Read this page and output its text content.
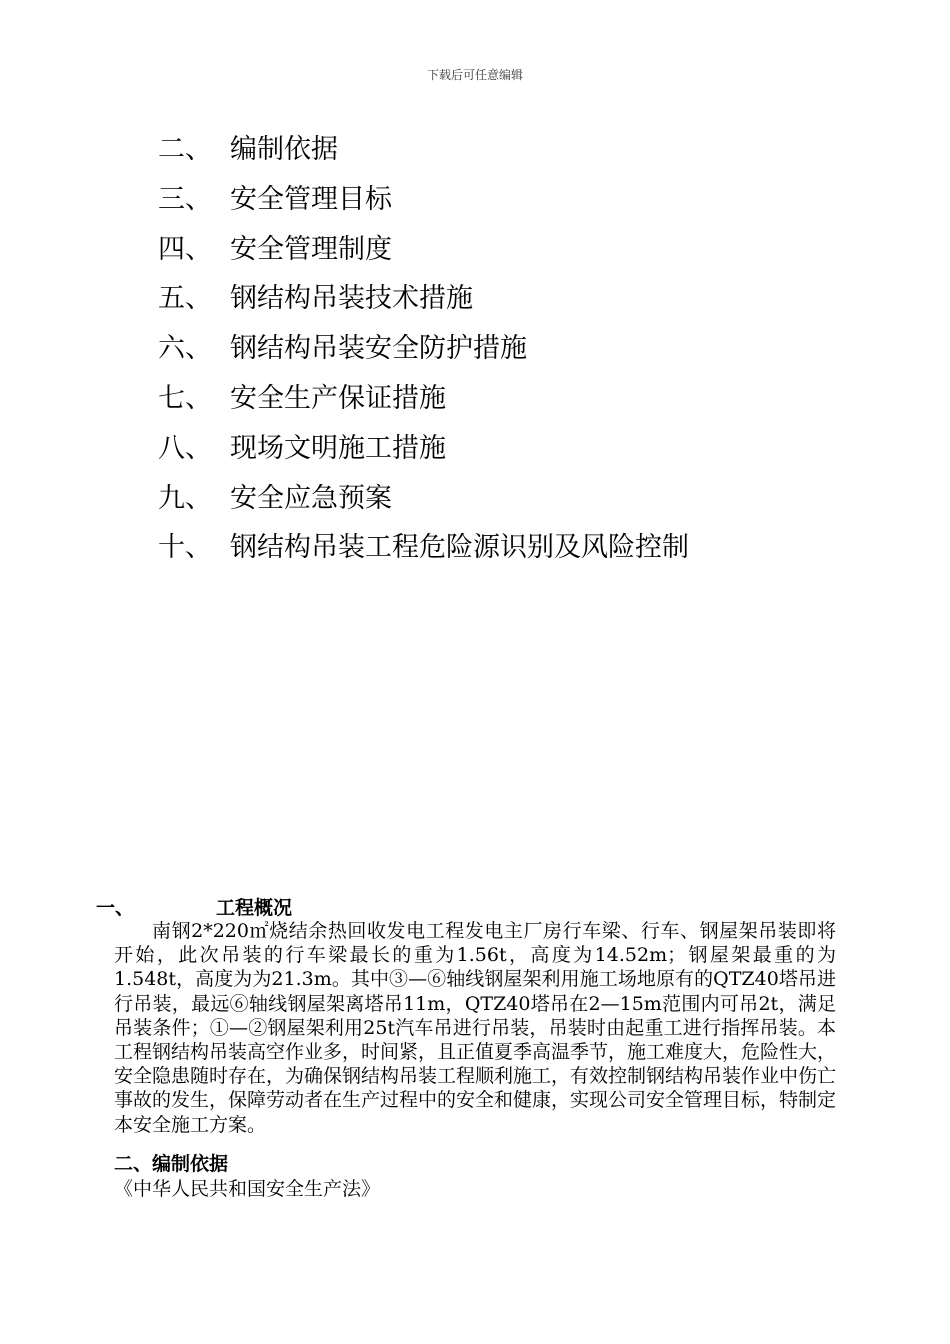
下载后可任意编辑
二、 编制依据
三、 安全管理目标
四、 安全管理制度
五、 钢结构吊装技术措施
六、 钢结构吊装安全防护措施
七、 安全生产保证措施
八、 现场文明施工措施
九、 安全应急预案
十、 钢结构吊装工程危险源识别及风险控制
一、	工程概况
南钢2*220㎡烧结余热回收发电工程发电主厂房行车梁、行车、钢屋架吊装即将开始，此次吊装的行车梁最长的重为1.56t，高度为14.52m；钢屋架最重的为1.548t，高度为为21.3m。其中③—⑥轴线钢屋架利用施工场地原有的QTZ40塔吊进行吊装，最远⑥轴线钢屋架离塔吊11m，QTZ40塔吊在2—15m范围内可吊2t，满足吊装条件；①—②钢屋架利用25t汽车吊进行吊装，吊装时由起重工进行指挥吊装。本工程钢结构吊装高空作业多，时间紧，且正值夏季高温季节，施工难度大，危险性大，安全隐患随时存在，为确保钢结构吊装工程顺利施工，有效控制钢结构吊装作业中伤亡事故的发生，保障劳动者在生产过程中的安全和健康，实现公司安全管理目标，特制定本安全施工方案。
二、编制依据
《中华人民共和国安全生产法》
